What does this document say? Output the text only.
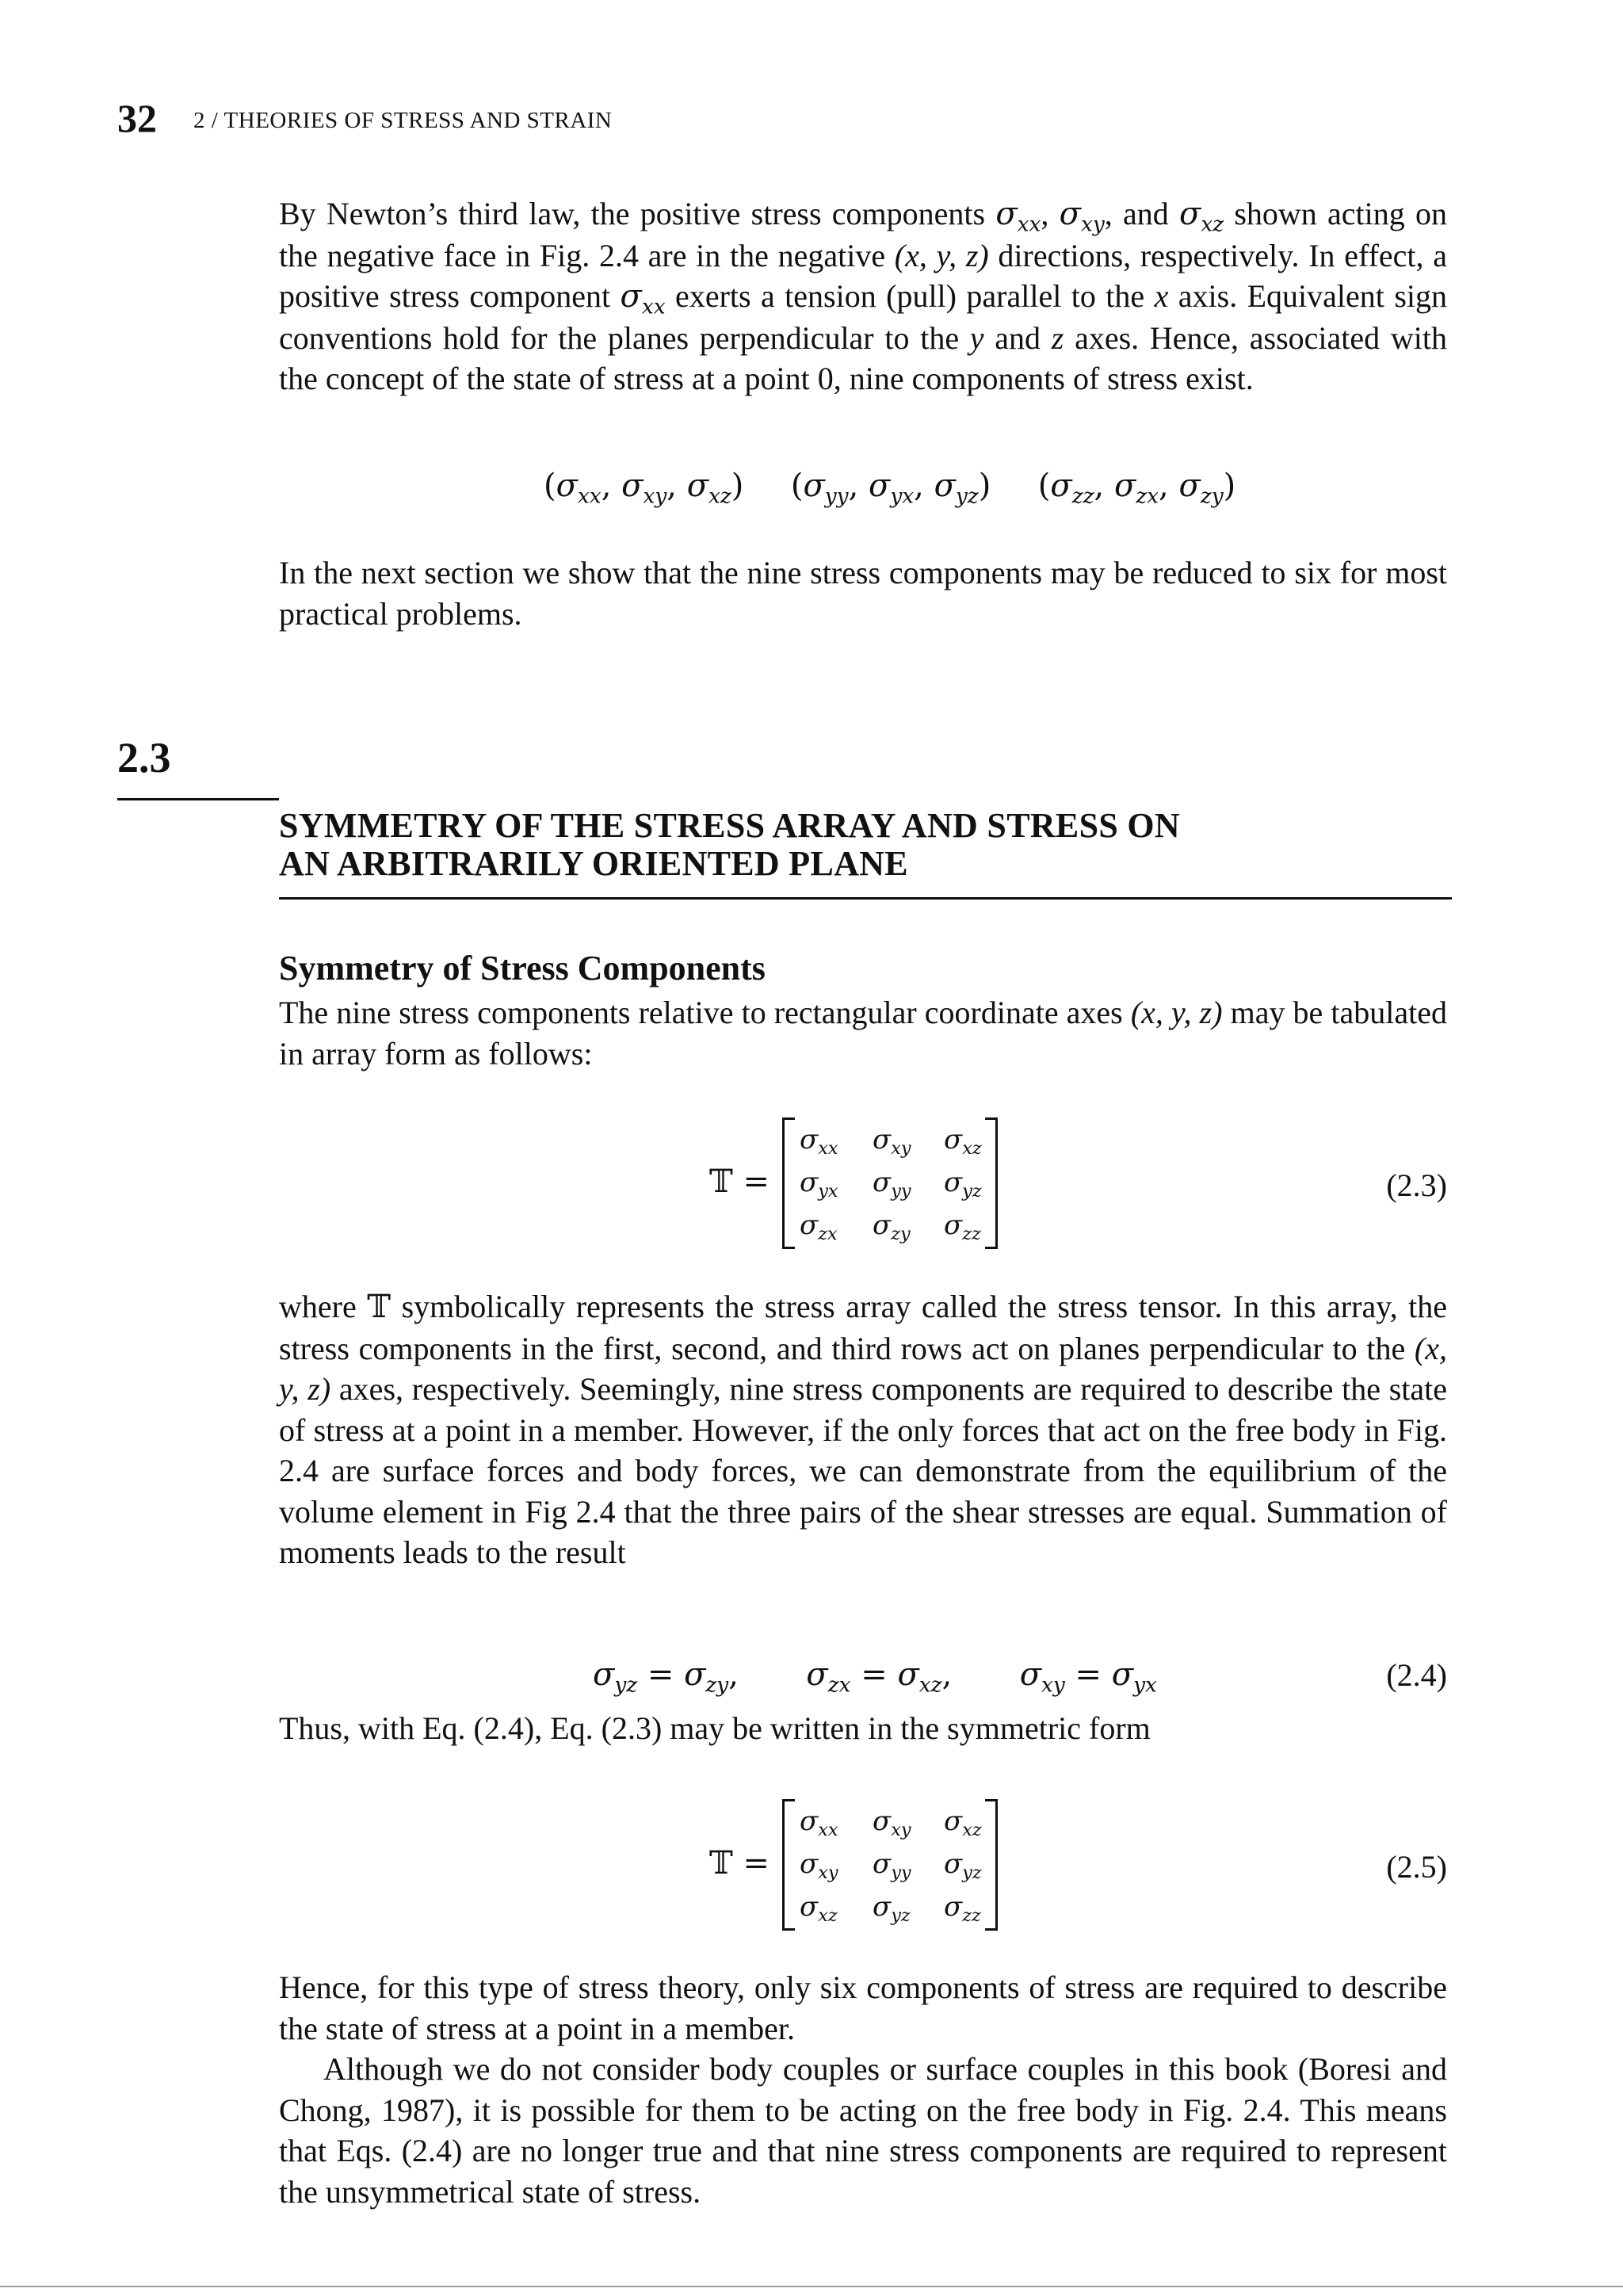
32 2 / THEORIES OF STRESS AND STRAIN

By Newton’s third law, the positive stress components $\sigma_{xx}$, $\sigma_{xy}$, and $\sigma_{xz}$ shown acting on the negative face in Fig. 2.4 are in the negative (x, y, z) directions, respectively. In effect, a positive stress component $\sigma_{xx}$ exerts a tension (pull) parallel to the x axis. Equivalent sign conventions hold for the planes perpendicular to the y and z axes. Hence, associated with the concept of the state of stress at a point 0, nine components of stress exist.

($\sigma_{xx}$, $\sigma_{xy}$, $\sigma_{xz}$) ($\sigma_{yy}$, $\sigma_{yx}$, $\sigma_{yz}$) ($\sigma_{zz}$, $\sigma_{zx}$, $\sigma_{zy}$)

In the next section we show that the nine stress components may be reduced to six for most practical problems.

2.3
SYMMETRY OF THE STRESS ARRAY AND STRESS ON
AN ARBITRARILY ORIENTED PLANE
Symmetry of Stress Components

The nine stress components relative to rectangular coordinate axes (x, y, z) may be tabulated in array form as follows:

𝕋 =
$\sigma_{xx}$ $\sigma_{xy}$ $\sigma_{xz}$
$\sigma_{yx}$ $\sigma_{yy}$ $\sigma_{yz}$
$\sigma_{zx}$ $\sigma_{zy}$ $\sigma_{zz}$
(2.3)

where 𝕋 symbolically represents the stress array called the stress tensor. In this array, the stress components in the first, second, and third rows act on planes perpendicular to the (x, y, z) axes, respectively. Seemingly, nine stress components are required to describe the state of stress at a point in a member. However, if the only forces that act on the free body in Fig. 2.4 are surface forces and body forces, we can demonstrate from the equilibrium of the volume element in Fig 2.4 that the three pairs of the shear stresses are equal. Summation of moments leads to the result

$\sigma_{yz} = \sigma_{zy}$, $\sigma_{zx} = \sigma_{xz}$, $\sigma_{xy} = \sigma_{yx}$	(2.4)

Thus, with Eq. (2.4), Eq. (2.3) may be written in the symmetric form

𝕋 =
$\sigma_{xx}$ $\sigma_{xy}$ $\sigma_{xz}$
$\sigma_{xy}$ $\sigma_{yy}$ $\sigma_{yz}$
$\sigma_{xz}$ $\sigma_{yz}$ $\sigma_{zz}$
(2.5)

Hence, for this type of stress theory, only six components of stress are required to describe the state of stress at a point in a member.

Although we do not consider body couples or surface couples in this book (Boresi and Chong, 1987), it is possible for them to be acting on the free body in Fig. 2.4. This means that Eqs. (2.4) are no longer true and that nine stress components are required to represent the unsymmetrical state of stress.
